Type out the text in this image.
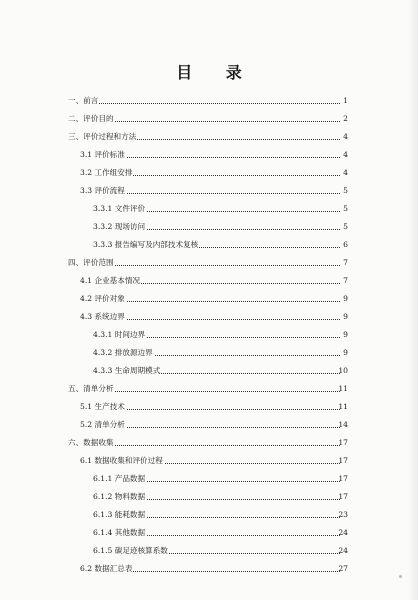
目 录
一、前言	1
二、评价目的	2
三、评价过程和方法	4
3.1 评价标准	4
3.2 工作组安排	4
3.3 评价流程	5
3.3.1 文件评价	5
3.3.2 现场访问	5
3.3.3 报告编写及内部技术复核	6
四、评价范围	7
4.1 企业基本情况	7
4.2 评价对象	9
4.3 系统边界	9
4.3.1 时间边界	9
4.3.2 排放源边界	9
4.3.3 生命周期模式	10
五、清单分析	11
5.1 生产技术	11
5.2 清单分析	14
六、数据收集	17
6.1 数据收集和评价过程	17
6.1.1 产品数据	17
6.1.2 物料数据	17
6.1.3 能耗数据	23
6.1.4 其他数据	24
6.1.5 碳足迹核算系数	24
6.2 数据汇总表	27
